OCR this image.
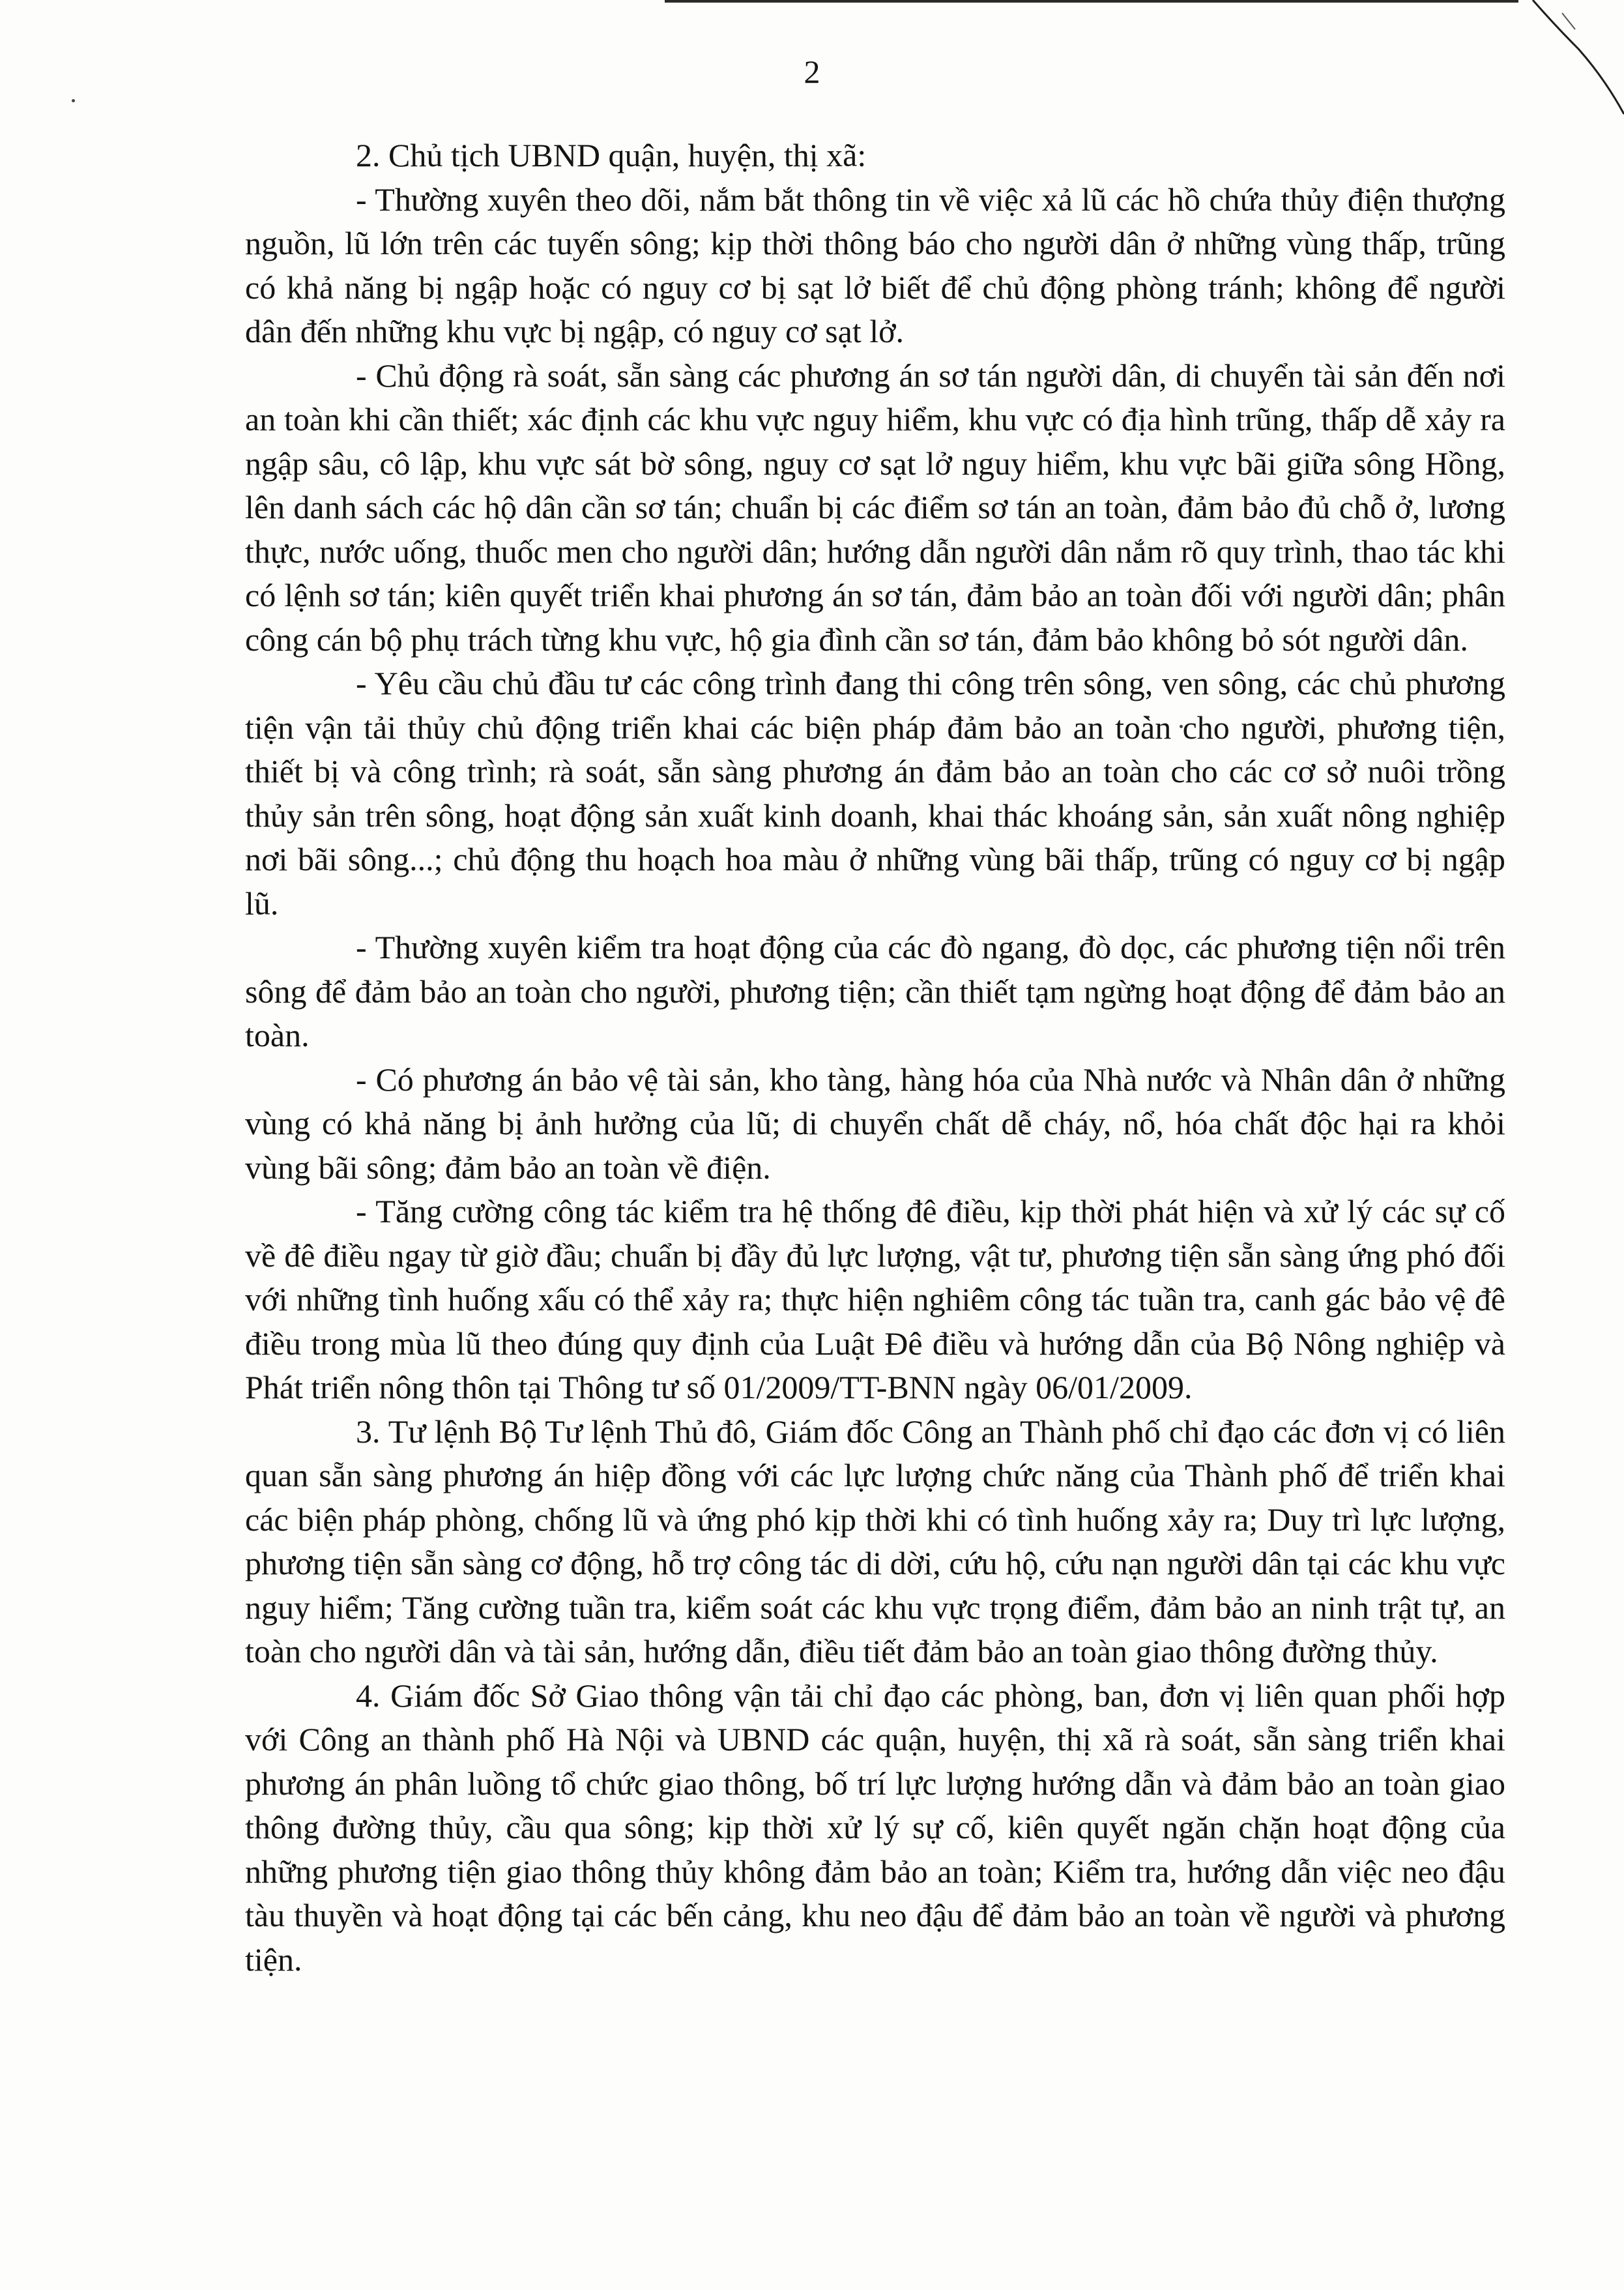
2

2. Chủ tịch UBND quận, huyện, thị xã:

- Thường xuyên theo dõi, nắm bắt thông tin về việc xả lũ các hồ chứa thủy điện thượng nguồn, lũ lớn trên các tuyến sông; kịp thời thông báo cho người dân ở những vùng thấp, trũng có khả năng bị ngập hoặc có nguy cơ bị sạt lở biết để chủ động phòng tránh; không để người dân đến những khu vực bị ngập, có nguy cơ sạt lở.

- Chủ động rà soát, sẵn sàng các phương án sơ tán người dân, di chuyển tài sản đến nơi an toàn khi cần thiết; xác định các khu vực nguy hiểm, khu vực có địa hình trũng, thấp dễ xảy ra ngập sâu, cô lập, khu vực sát bờ sông, nguy cơ sạt lở nguy hiểm, khu vực bãi giữa sông Hồng, lên danh sách các hộ dân cần sơ tán; chuẩn bị các điểm sơ tán an toàn, đảm bảo đủ chỗ ở, lương thực, nước uống, thuốc men cho người dân; hướng dẫn người dân nắm rõ quy trình, thao tác khi có lệnh sơ tán; kiên quyết triển khai phương án sơ tán, đảm bảo an toàn đối với người dân; phân công cán bộ phụ trách từng khu vực, hộ gia đình cần sơ tán, đảm bảo không bỏ sót người dân.

- Yêu cầu chủ đầu tư các công trình đang thi công trên sông, ven sông, các chủ phương tiện vận tải thủy chủ động triển khai các biện pháp đảm bảo an toàn cho người, phương tiện, thiết bị và công trình; rà soát, sẵn sàng phương án đảm bảo an toàn cho các cơ sở nuôi trồng thủy sản trên sông, hoạt động sản xuất kinh doanh, khai thác khoáng sản, sản xuất nông nghiệp nơi bãi sông...; chủ động thu hoạch hoa màu ở những vùng bãi thấp, trũng có nguy cơ bị ngập lũ.

- Thường xuyên kiểm tra hoạt động của các đò ngang, đò dọc, các phương tiện nổi trên sông để đảm bảo an toàn cho người, phương tiện; cần thiết tạm ngừng hoạt động để đảm bảo an toàn.

- Có phương án bảo vệ tài sản, kho tàng, hàng hóa của Nhà nước và Nhân dân ở những vùng có khả năng bị ảnh hưởng của lũ; di chuyển chất dễ cháy, nổ, hóa chất độc hại ra khỏi vùng bãi sông; đảm bảo an toàn về điện.

- Tăng cường công tác kiểm tra hệ thống đê điều, kịp thời phát hiện và xử lý các sự cố về đê điều ngay từ giờ đầu; chuẩn bị đầy đủ lực lượng, vật tư, phương tiện sẵn sàng ứng phó đối với những tình huống xấu có thể xảy ra; thực hiện nghiêm công tác tuần tra, canh gác bảo vệ đê điều trong mùa lũ theo đúng quy định của Luật Đê điều và hướng dẫn của Bộ Nông nghiệp và Phát triển nông thôn tại Thông tư số 01/2009/TT-BNN ngày 06/01/2009.

3. Tư lệnh Bộ Tư lệnh Thủ đô, Giám đốc Công an Thành phố chỉ đạo các đơn vị có liên quan sẵn sàng phương án hiệp đồng với các lực lượng chức năng của Thành phố để triển khai các biện pháp phòng, chống lũ và ứng phó kịp thời khi có tình huống xảy ra; Duy trì lực lượng, phương tiện sẵn sàng cơ động, hỗ trợ công tác di dời, cứu hộ, cứu nạn người dân tại các khu vực nguy hiểm; Tăng cường tuần tra, kiểm soát các khu vực trọng điểm, đảm bảo an ninh trật tự, an toàn cho người dân và tài sản, hướng dẫn, điều tiết đảm bảo an toàn giao thông đường thủy.

4. Giám đốc Sở Giao thông vận tải chỉ đạo các phòng, ban, đơn vị liên quan phối hợp với Công an thành phố Hà Nội và UBND các quận, huyện, thị xã rà soát, sẵn sàng triển khai phương án phân luồng tổ chức giao thông, bố trí lực lượng hướng dẫn và đảm bảo an toàn giao thông đường thủy, cầu qua sông; kịp thời xử lý sự cố, kiên quyết ngăn chặn hoạt động của những phương tiện giao thông thủy không đảm bảo an toàn; Kiểm tra, hướng dẫn việc neo đậu tàu thuyền và hoạt động tại các bến cảng, khu neo đậu để đảm bảo an toàn về người và phương tiện.
